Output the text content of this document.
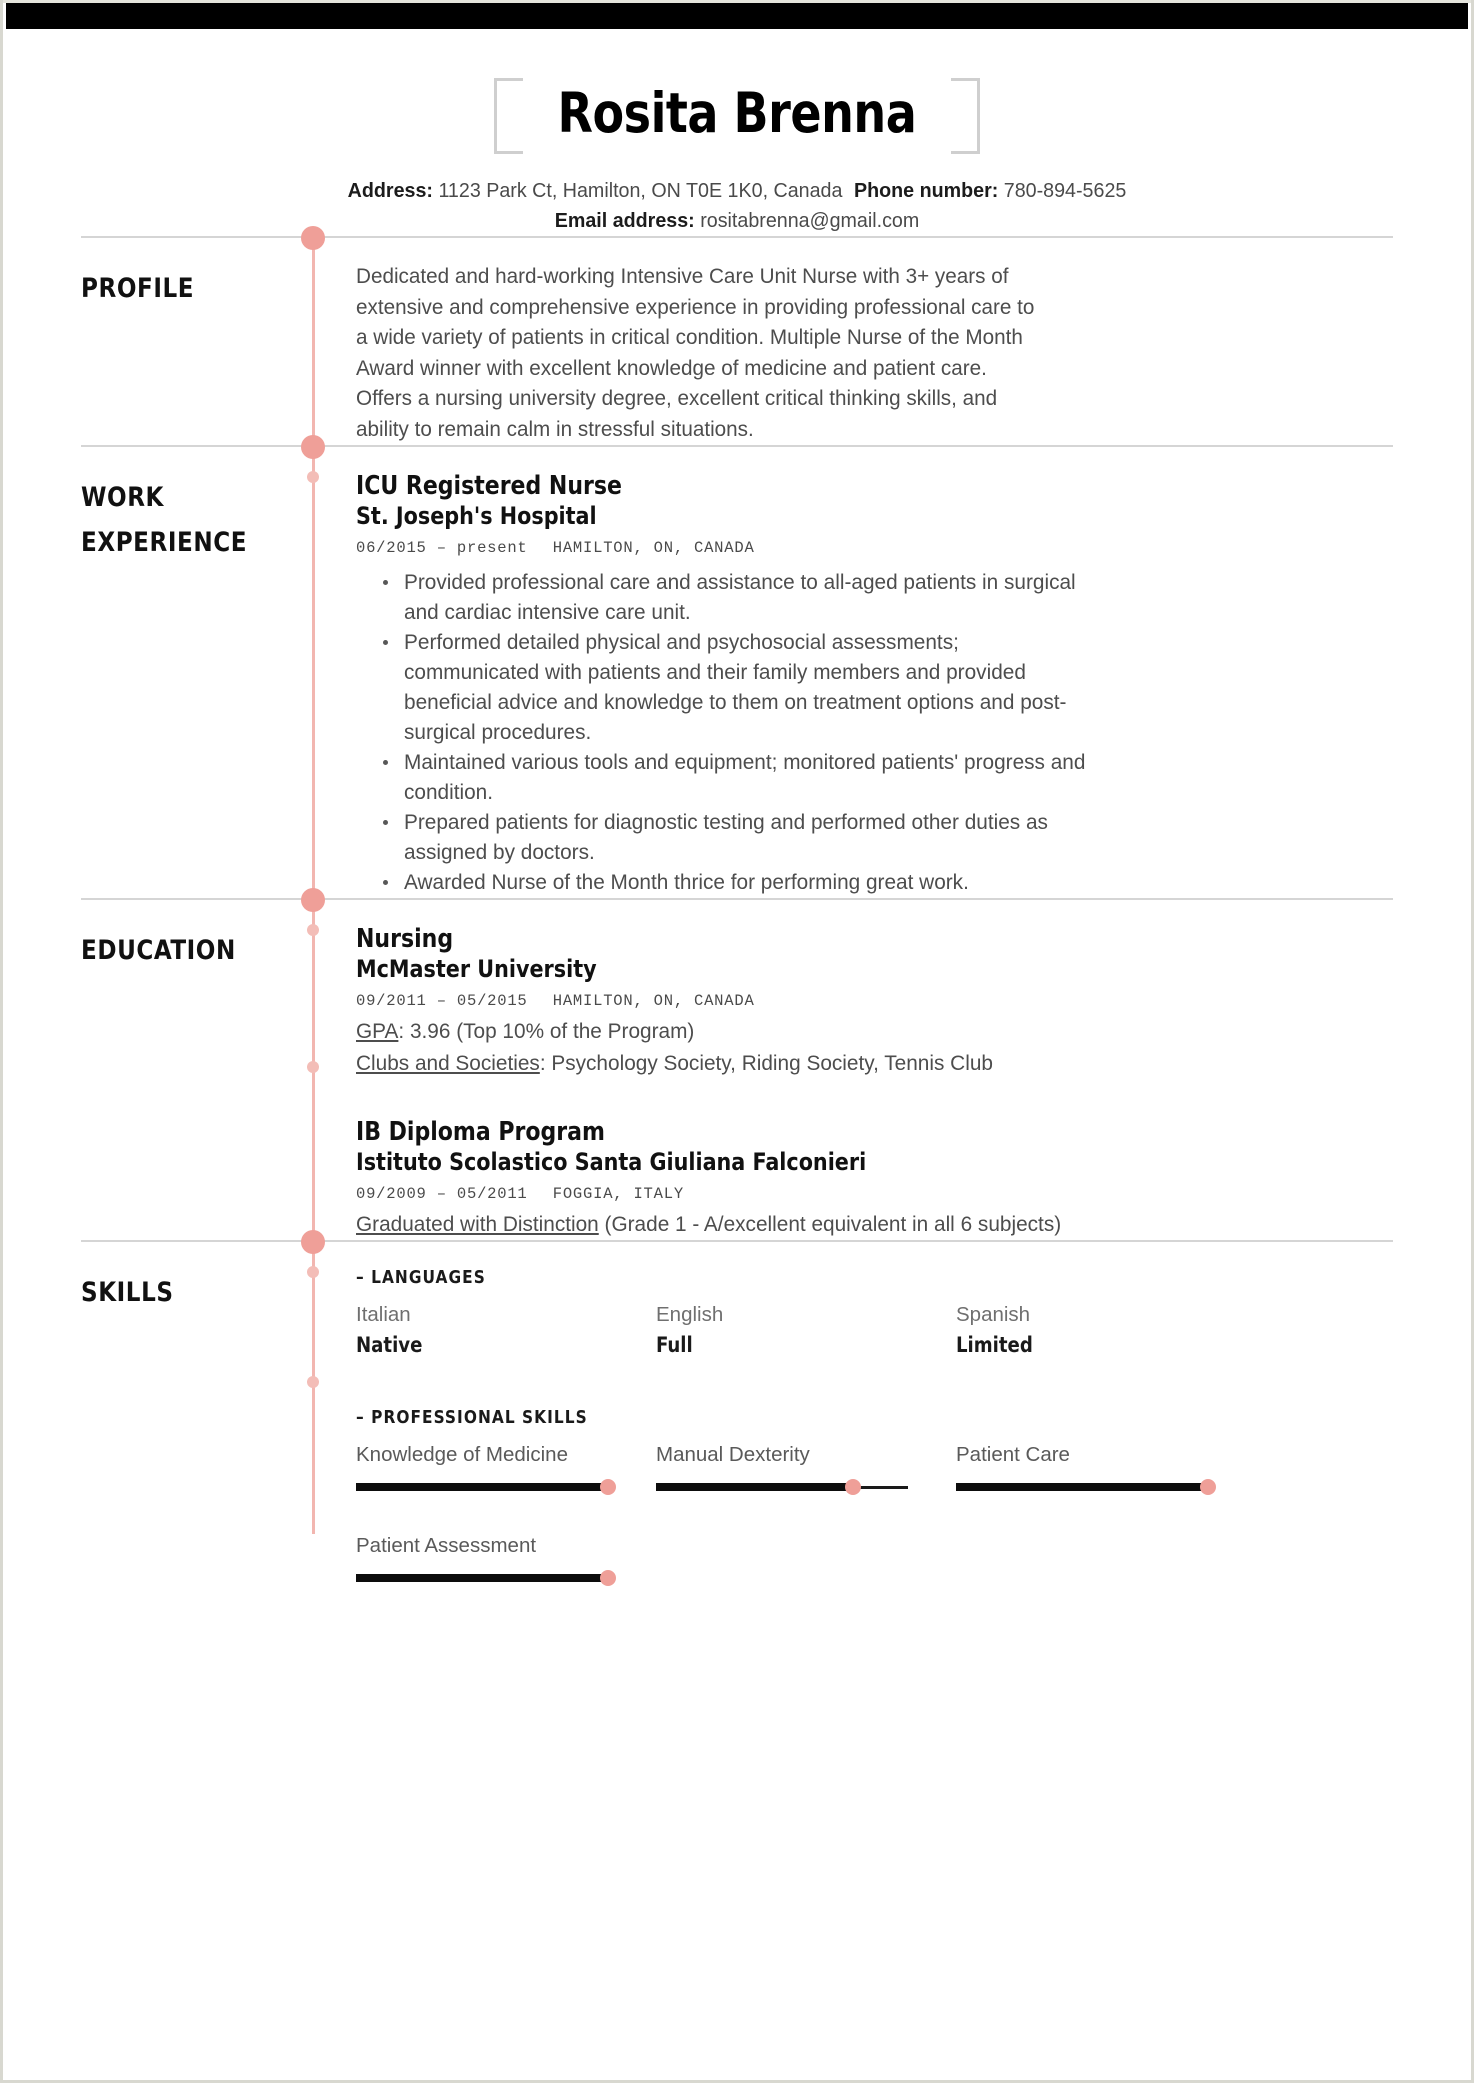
Rosita Brenna
Address: 1123 Park Ct, Hamilton, ON T0E 1K0, Canada Phone number: 780-894-5625
Email address: rositabrenna@gmail.com
PROFILE	Dedicated and hard-working Intensive Care Unit Nurse with 3+ years of extensive and comprehensive experience in providing professional care to a wide variety of patients in critical condition. Multiple Nurse of the Month Award winner with excellent knowledge of medicine and patient care. Offers a nursing university degree, excellent critical thinking skills, and ability to remain calm in stressful situations.
WORK
EXPERIENCE
ICU Registered Nurse
St. Joseph's Hospital
06/2015 – present HAMILTON, ON, CANADA
Provided professional care and assistance to all-aged patients in surgical and cardiac intensive care unit.
Performed detailed physical and psychosocial assessments; communicated with patients and their family members and provided beneficial advice and knowledge to them on treatment options and post-surgical procedures.
Maintained various tools and equipment; monitored patients' progress and condition.
Prepared patients for diagnostic testing and performed other duties as assigned by doctors.
Awarded Nurse of the Month thrice for performing great work.
EDUCATION	Nursing
McMaster University
09/2011 – 05/2015 HAMILTON, ON, CANADA
GPA: 3.96 (Top 10% of the Program)
Clubs and Societies: Psychology Society, Riding Society, Tennis Club
IB Diploma Program
Istituto Scolastico Santa Giuliana Falconieri
09/2009 – 05/2011 FOGGIA, ITALY
Graduated with Distinction (Grade 1 - A/excellent equivalent in all 6 subjects)
SKILLS	– LANGUAGES
Italian
Native
English
Full
Spanish
Limited
– PROFESSIONAL SKILLS
Knowledge of Medicine	Manual Dexterity	Patient Care
Patient Assessment
